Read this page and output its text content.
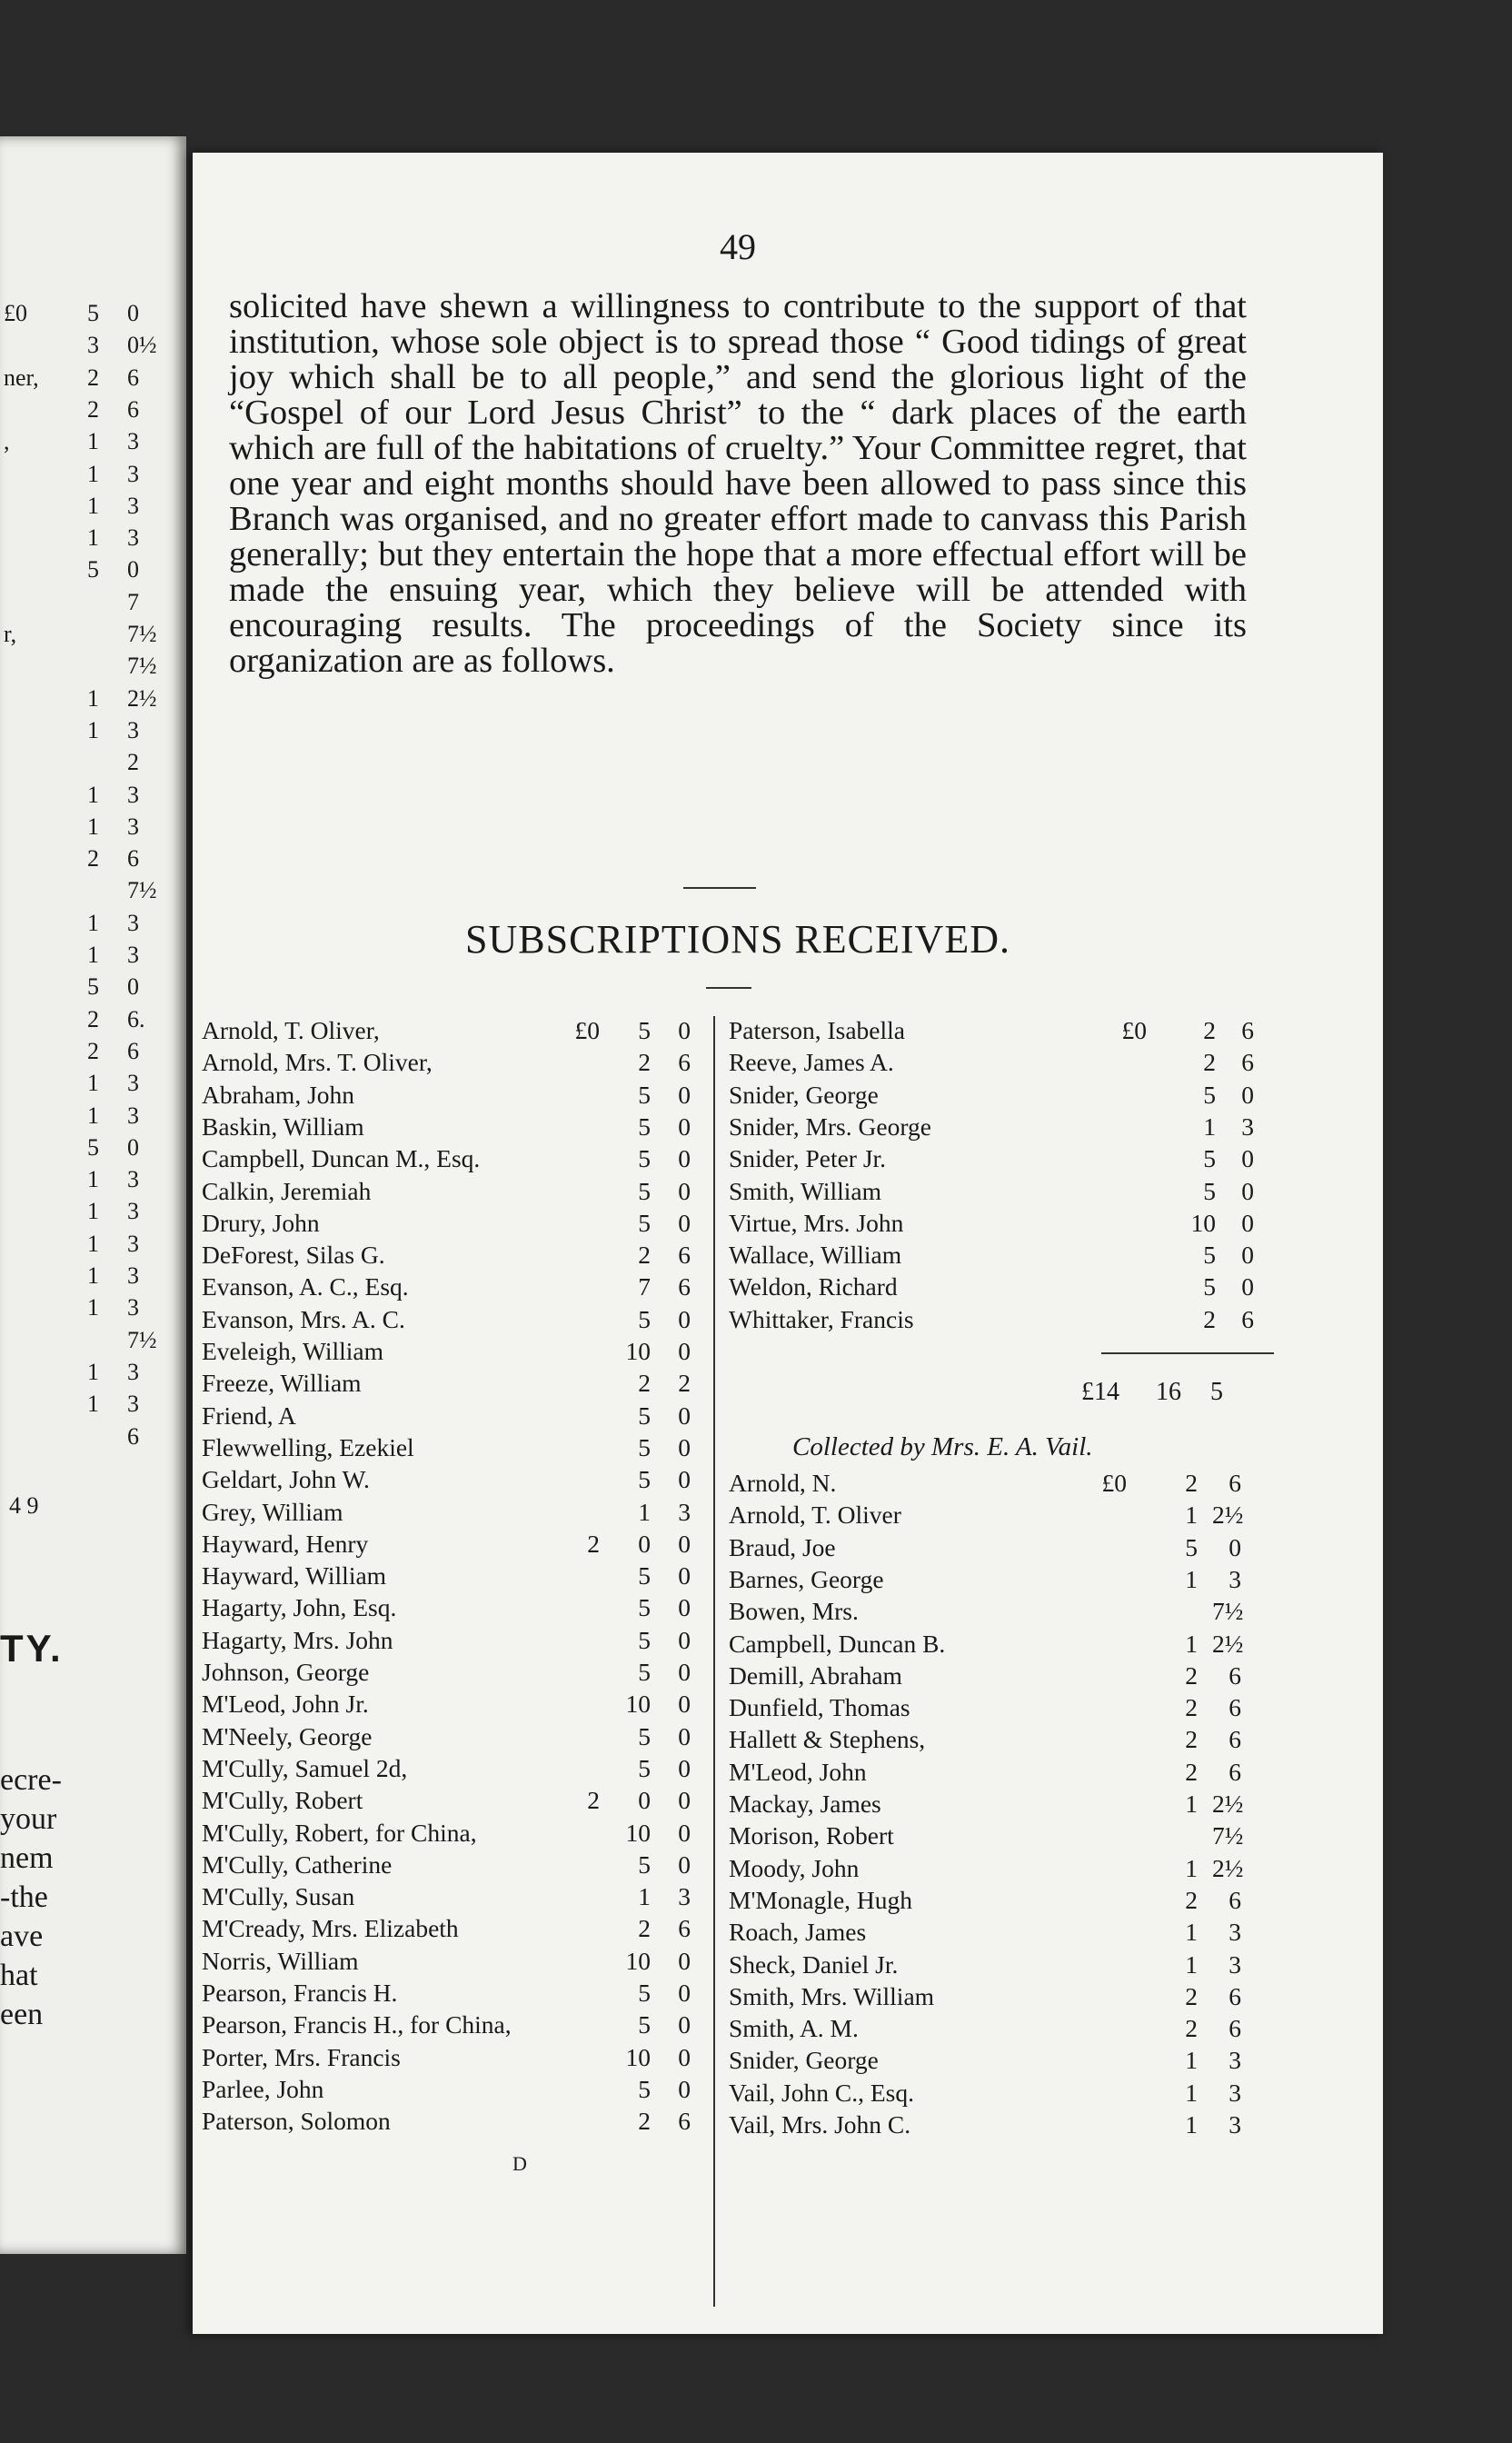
£0	5 0
3 0½
ner, 2 6
2 6
,	1 3
1 3
1 3
1 3
5 0
7
r,	7½
7½
1 2½
1 3
2
1 3
1 3
2 6
7½
1 3
1 3
5 0
2 6.
2 6
1 3
1 3
5 0
1 3
1 3
1 3
1 3
1 3
7½
1 3
1 3
6
4 9
TY.
ecre-
your
nem
-the
ave
hat
een
49

solicited have shewn a willingness to contribute to the support of that institution, whose sole object is to spread those “ Good tidings of great joy which shall be to all people,” and send the glorious light of the “Gospel of our Lord Jesus Christ” to the “ dark places of the earth which are full of the habitations of cruelty.” Your Committee regret, that one year and eight months should have been allowed to pass since this Branch was organised, and no greater effort made to canvass this Parish generally; but they entertain the hope that a more effectual effort will be made the ensuing year, which they believe will be attended with encouraging results. The proceedings of the Society since its organization are as follows.

SUBSCRIPTIONS RECEIVED.
Arnold, T. Oliver,	£0	5	0
Arnold, Mrs. T. Oliver,	2	6
Abraham, John	5	0
Baskin, William	5	0
Campbell, Duncan M., Esq.	5	0
Calkin, Jeremiah	5	0
Drury, John	5	0
DeForest, Silas G.	2	6
Evanson, A. C., Esq.	7	6
Evanson, Mrs. A. C.	5	0
Eveleigh, William	10	0
Freeze, William	2	2
Friend, A	5	0
Flewwelling, Ezekiel	5	0
Geldart, John W.	5	0
Grey, William	1	3
Hayward, Henry	2	0	0
Hayward, William	5	0
Hagarty, John, Esq.	5	0
Hagarty, Mrs. John	5	0
Johnson, George	5	0
M'Leod, John Jr.	10	0
M'Neely, George	5	0
M'Cully, Samuel 2d,	5	0
M'Cully, Robert	2	0	0
M'Cully, Robert, for China,	10	0
M'Cully, Catherine	5	0
M'Cully, Susan	1	3
M'Cready, Mrs. Elizabeth	2	6
Norris, William	10	0
Pearson, Francis H.	5	0
Pearson, Francis H., for China,	5	0
Porter, Mrs. Francis	10	0
Parlee, John	5	0
Paterson, Solomon	2	6
Paterson, Isabella	£0	2	6
Reeve, James A.	2	6
Snider, George	5	0
Snider, Mrs. George	1	3
Snider, Peter Jr.	5	0
Smith, William	5	0
Virtue, Mrs. John	10	0
Wallace, William	5	0
Weldon, Richard	5	0
Whittaker, Francis	2	6
£14 16 5
Collected by Mrs. E. A. Vail.
Arnold, N.	£0	2	6
Arnold, T. Oliver	1 2½
Braud, Joe	5	0
Barnes, George	1	3
Bowen, Mrs.	7½
Campbell, Duncan B.	1 2½
Demill, Abraham	2	6
Dunfield, Thomas	2	6
Hallett & Stephens,	2	6
M'Leod, John	2	6
Mackay, James	1 2½
Morison, Robert	7½
Moody, John	1 2½
M'Monagle, Hugh	2	6
Roach, James	1	3
Sheck, Daniel Jr.	1	3
Smith, Mrs. William	2	6
Smith, A. M.	2	6
Snider, George	1	3
Vail, John C., Esq.	1	3
Vail, Mrs. John C.	1	3
D
